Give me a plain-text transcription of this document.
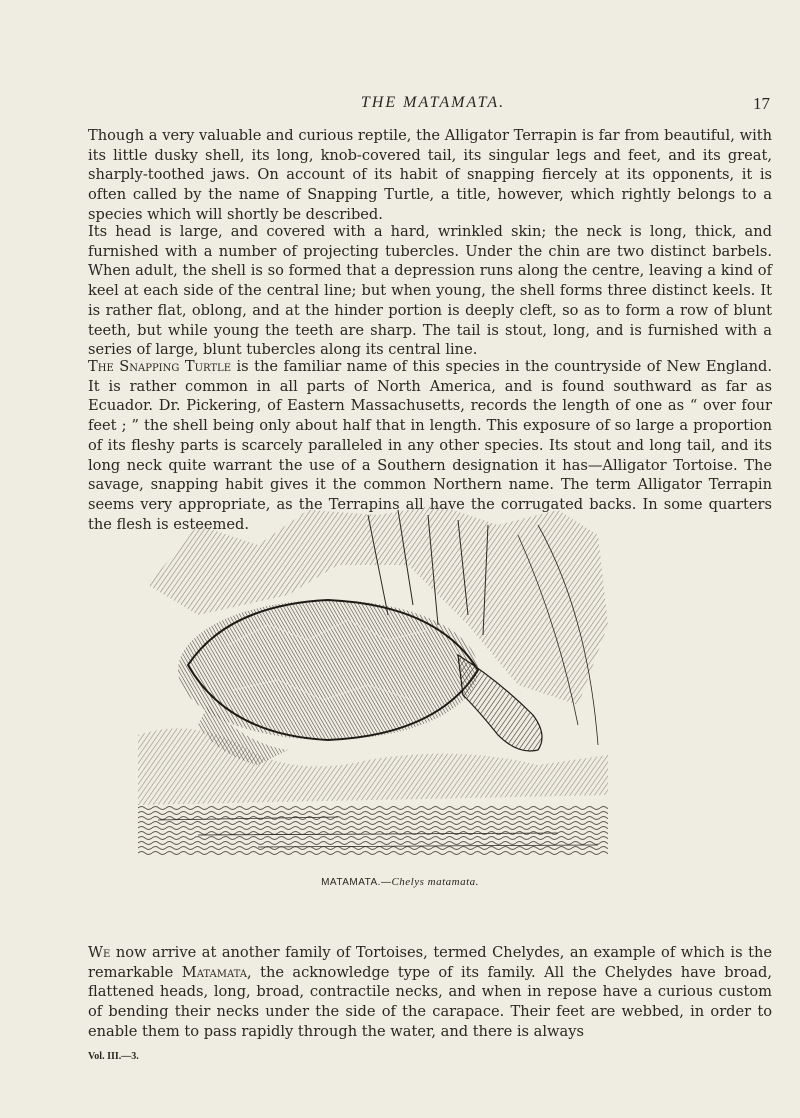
THE MATAMATA.	17

Though a very valuable and curious reptile, the Alligator Terrapin is far from beautiful, with its little dusky shell, its long, knob-covered tail, its singular legs and feet, and its great, sharply-toothed jaws. On account of its habit of snapping fiercely at its opponents, it is often called by the name of Snapping Turtle, a title, however, which rightly belongs to a species which will shortly be described.

Its head is large, and covered with a hard, wrinkled skin; the neck is long, thick, and furnished with a number of projecting tubercles. Under the chin are two distinct barbels. When adult, the shell is so formed that a depression runs along the centre, leaving a kind of keel at each side of the central line; but when young, the shell forms three distinct keels. It is rather flat, oblong, and at the hinder portion is deeply cleft, so as to form a row of blunt teeth, but while young the teeth are sharp. The tail is stout, long, and is furnished with a series of large, blunt tubercles along its central line.

The Snapping Turtle is the familiar name of this species in the countryside of New England. It is rather common in all parts of North America, and is found southward as far as Ecuador. Dr. Pickering, of Eastern Massachusetts, records the length of one as “ over four feet ; ” the shell being only about half that in length. This exposure of so large a proportion of its fleshy parts is scarcely paralleled in any other species. Its stout and long tail, and its long neck quite warrant the use of a Southern designation it has—Alligator Tortoise. The savage, snapping habit gives it the common Northern name. The term Alligator Terrapin seems very appropriate, as the Terrapins all have the corrugated backs. In some quarters the flesh is esteemed.

MATAMATA.—Chelys matamata.

We now arrive at another family of Tortoises, termed Chelydes, an example of which is the remarkable Matamata, the acknowledge type of its family. All the Chelydes have broad, flattened heads, long, broad, contractile necks, and when in repose have a curious custom of bending their necks under the side of the carapace. Their feet are webbed, in order to enable them to pass rapidly through the water, and there is always

Vol. III.—3.
